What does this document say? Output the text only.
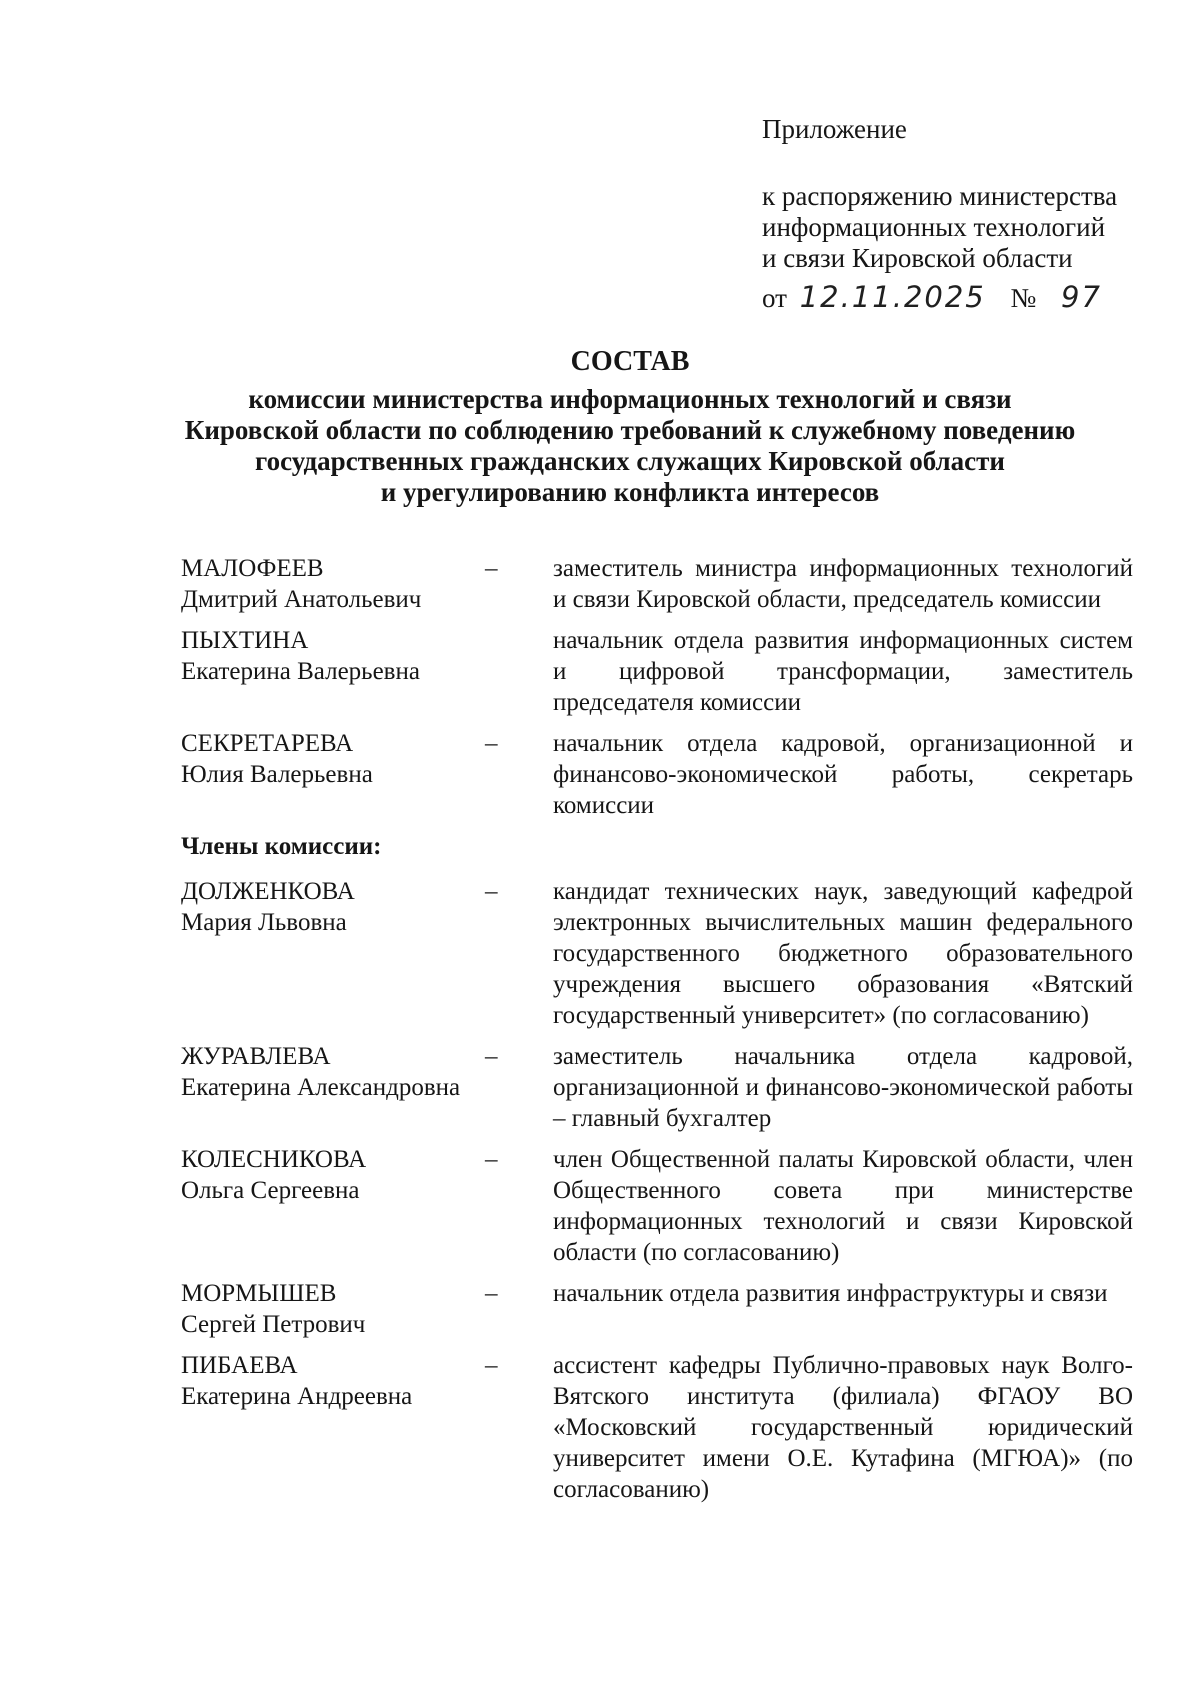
Приложение
к распоряжению министерства
информационных технологий
и связи Кировской области
от 12.11.2025 № 97
СОСТАВ
комиссии министерства информационных технологий и связи
Кировской области по соблюдению требований к служебному поведению
государственных гражданских служащих Кировской области
и урегулированию конфликта интересов
МАЛОФЕЕВ
Дмитрий Анатольевич
–	заместитель министра информационных технологий и связи Кировской области, председатель комиссии
ПЫХТИНА
Екатерина Валерьевна
начальник отдела развития информационных систем и цифровой трансформации, заместитель председателя комиссии
СЕКРЕТАРЕВА
Юлия Валерьевна
–	начальник отдела кадровой, организационной и финансово-экономической работы, секретарь комиссии
Члены комиссии:
ДОЛЖЕНКОВА
Мария Львовна
–	кандидат технических наук, заведующий кафедрой электронных вычислительных машин федерального государственного бюджетного образовательного учреждения высшего образования «Вятский государственный университет» (по согласованию)
ЖУРАВЛЕВА
Екатерина Александровна
–	заместитель начальника отдела кадровой, организационной и финансово-экономической работы – главный бухгалтер
КОЛЕСНИКОВА
Ольга Сергеевна
–	член Общественной палаты Кировской области, член Общественного совета при министерстве информационных технологий и связи Кировской области (по согласованию)
МОРМЫШЕВ
Сергей Петрович
–	начальник отдела развития инфраструктуры и связи
ПИБАЕВА
Екатерина Андреевна
–	ассистент кафедры Публично-правовых наук Волго-Вятского института (филиала) ФГАОУ ВО «Московский государственный юридический университет имени О.Е. Кутафина (МГЮА)» (по согласованию)
